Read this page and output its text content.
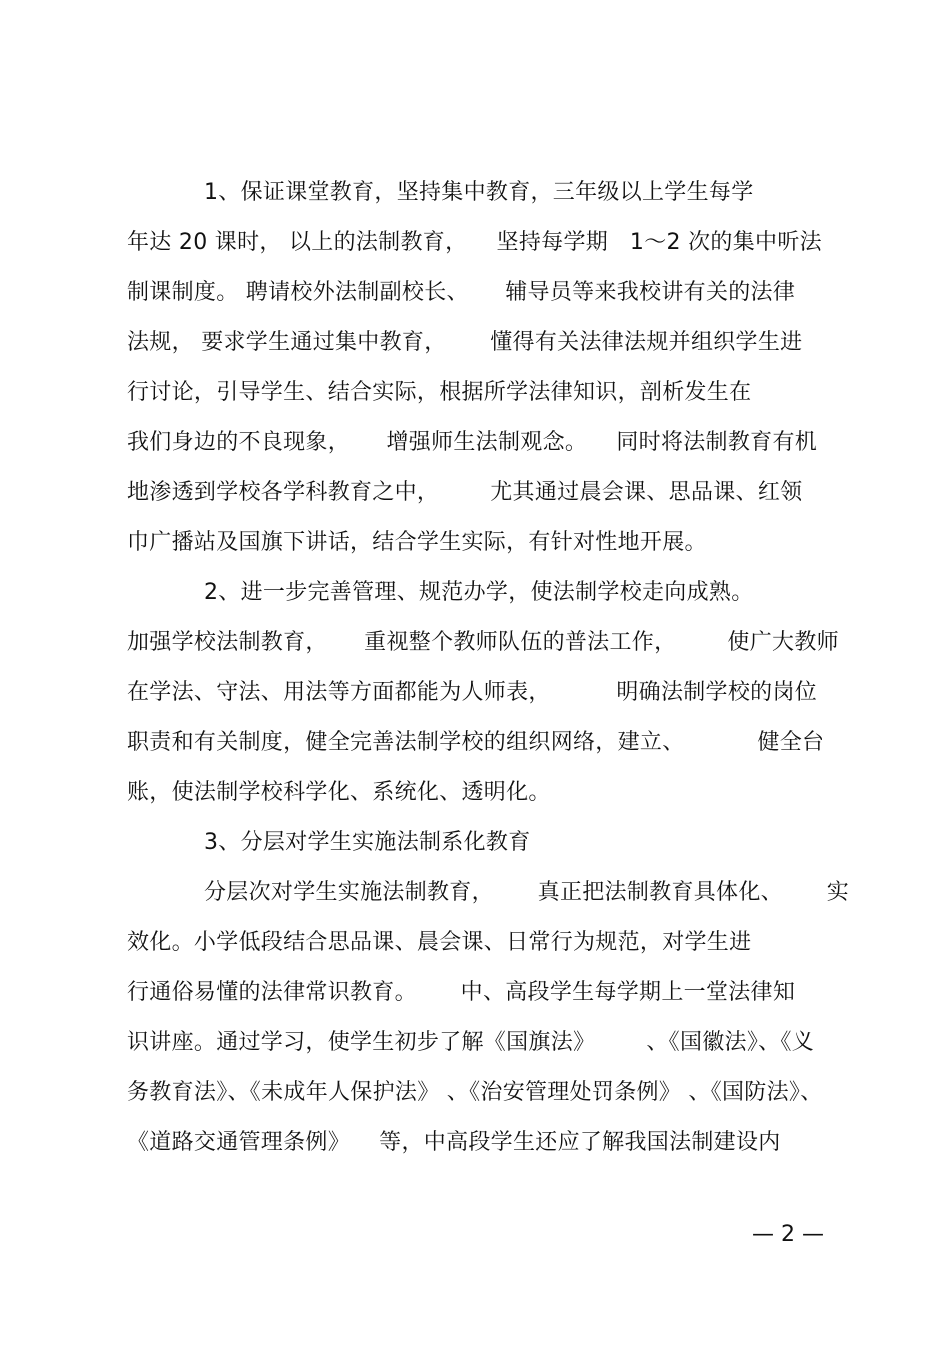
1、保证课堂教育，坚持集中教育，三年级以上学生每学
年达 20 课时， 以上的法制教育，    坚持每学期   1～2 次的集中听法
制课制度。 聘请校外法制副校长、     辅导员等来我校讲有关的法律
法规， 要求学生通过集中教育，      懂得有关法律法规并组织学生进
行讨论，引导学生、结合实际，根据所学法律知识，剖析发生在
我们身边的不良现象，     增强师生法制观念。    同时将法制教育有机
地渗透到学校各学科教育之中，       尤其通过晨会课、思品课、红领
巾广播站及国旗下讲话，结合学生实际，有针对性地开展。
2、进一步完善管理、规范办学，使法制学校走向成熟。
加强学校法制教育，     重视整个教师队伍的普法工作，       使广大教师
在学法、守法、用法等方面都能为人师表，         明确法制学校的岗位
职责和有关制度，健全完善法制学校的组织网络，建立、          健全台
账，使法制学校科学化、系统化、透明化。
3、分层对学生实施法制系化教育
分层次对学生实施法制教育，      真正把法制教育具体化、      实
效化。小学低段结合思品课、晨会课、日常行为规范，对学生进
行通俗易懂的法律常识教育。      中、高段学生每学期上一堂法律知
识讲座。通过学习，使学生初步了解《国旗法》       、《国徽法》、《义
务教育法》、《未成年人保护法》 、《治安管理处罚条例》 、《国防法》、
《道路交通管理条例》    等，中高段学生还应了解我国法制建设内
— 2 —
